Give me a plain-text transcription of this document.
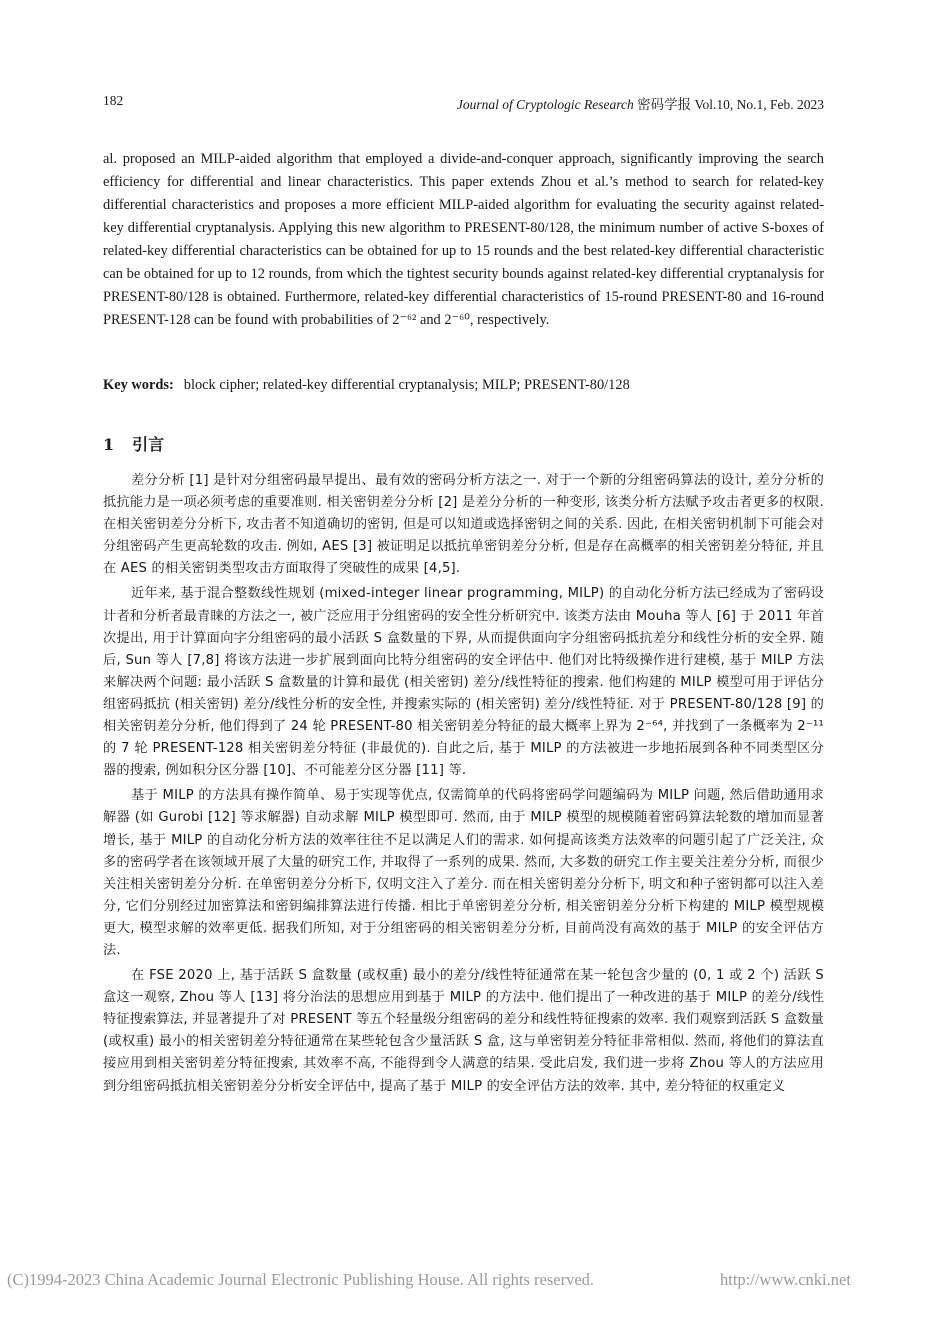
182	Journal of Cryptologic Research 密码学报 Vol.10, No.1, Feb. 2023
al. proposed an MILP-aided algorithm that employed a divide-and-conquer approach, significantly improving the search efficiency for differential and linear characteristics. This paper extends Zhou et al.’s method to search for related-key differential characteristics and proposes a more efficient MILP-aided algorithm for evaluating the security against related-key differential cryptanalysis. Applying this new algorithm to PRESENT-80/128, the minimum number of active S-boxes of related-key differential characteristics can be obtained for up to 15 rounds and the best related-key differential characteristic can be obtained for up to 12 rounds, from which the tightest security bounds against related-key differential cryptanalysis for PRESENT-80/128 is obtained. Furthermore, related-key differential characteristics of 15-round PRESENT-80 and 16-round PRESENT-128 can be found with probabilities of 2⁻⁶² and 2⁻⁶⁰, respectively.
Key words: block cipher; related-key differential cryptanalysis; MILP; PRESENT-80/128
1 引言

差分分析 [1] 是针对分组密码最早提出、最有效的密码分析方法之一. 对于一个新的分组密码算法的设计, 差分分析的抵抗能力是一项必须考虑的重要准则. 相关密钥差分分析 [2] 是差分分析的一种变形, 该类分析方法赋予攻击者更多的权限. 在相关密钥差分分析下, 攻击者不知道确切的密钥, 但是可以知道或选择密钥之间的关系. 因此, 在相关密钥机制下可能会对分组密码产生更高轮数的攻击. 例如, AES [3] 被证明足以抵抗单密钥差分分析, 但是存在高概率的相关密钥差分特征, 并且在 AES 的相关密钥类型攻击方面取得了突破性的成果 [4,5].

近年来, 基于混合整数线性规划 (mixed-integer linear programming, MILP) 的自动化分析方法已经成为了密码设计者和分析者最青睐的方法之一, 被广泛应用于分组密码的安全性分析研究中. 该类方法由 Mouha 等人 [6] 于 2011 年首次提出, 用于计算面向字分组密码的最小活跃 S 盒数量的下界, 从而提供面向字分组密码抵抗差分和线性分析的安全界. 随后, Sun 等人 [7,8] 将该方法进一步扩展到面向比特分组密码的安全评估中. 他们对比特级操作进行建模, 基于 MILP 方法来解决两个问题: 最小活跃 S 盒数量的计算和最优 (相关密钥) 差分/线性特征的搜索. 他们构建的 MILP 模型可用于评估分组密码抵抗 (相关密钥) 差分/线性分析的安全性, 并搜索实际的 (相关密钥) 差分/线性特征. 对于 PRESENT-80/128 [9] 的相关密钥差分分析, 他们得到了 24 轮 PRESENT-80 相关密钥差分特征的最大概率上界为 2⁻⁶⁴, 并找到了一条概率为 2⁻¹¹ 的 7 轮 PRESENT-128 相关密钥差分特征 (非最优的). 自此之后, 基于 MILP 的方法被进一步地拓展到各种不同类型区分器的搜索, 例如积分区分器 [10]、不可能差分区分器 [11] 等.

基于 MILP 的方法具有操作简单、易于实现等优点, 仅需简单的代码将密码学问题编码为 MILP 问题, 然后借助通用求解器 (如 Gurobi [12] 等求解器) 自动求解 MILP 模型即可. 然而, 由于 MILP 模型的规模随着密码算法轮数的增加而显著增长, 基于 MILP 的自动化分析方法的效率往往不足以满足人们的需求. 如何提高该类方法效率的问题引起了广泛关注, 众多的密码学者在该领域开展了大量的研究工作, 并取得了一系列的成果. 然而, 大多数的研究工作主要关注差分分析, 而很少关注相关密钥差分分析. 在单密钥差分分析下, 仅明文注入了差分. 而在相关密钥差分分析下, 明文和种子密钥都可以注入差分, 它们分别经过加密算法和密钥编排算法进行传播. 相比于单密钥差分分析, 相关密钥差分分析下构建的 MILP 模型规模更大, 模型求解的效率更低. 据我们所知, 对于分组密码的相关密钥差分分析, 目前尚没有高效的基于 MILP 的安全评估方法.

在 FSE 2020 上, 基于活跃 S 盒数量 (或权重) 最小的差分/线性特征通常在某一轮包含少量的 (0, 1 或 2 个) 活跃 S 盒这一观察, Zhou 等人 [13] 将分治法的思想应用到基于 MILP 的方法中. 他们提出了一种改进的基于 MILP 的差分/线性特征搜索算法, 并显著提升了对 PRESENT 等五个轻量级分组密码的差分和线性特征搜索的效率. 我们观察到活跃 S 盒数量 (或权重) 最小的相关密钥差分特征通常在某些轮包含少量活跃 S 盒, 这与单密钥差分特征非常相似. 然而, 将他们的算法直接应用到相关密钥差分特征搜索, 其效率不高, 不能得到令人满意的结果. 受此启发, 我们进一步将 Zhou 等人的方法应用到分组密码抵抗相关密钥差分分析安全评估中, 提高了基于 MILP 的安全评估方法的效率. 其中, 差分特征的权重定义

(C)1994-2023 China Academic Journal Electronic Publishing House. All rights reserved.	http://www.cnki.net
